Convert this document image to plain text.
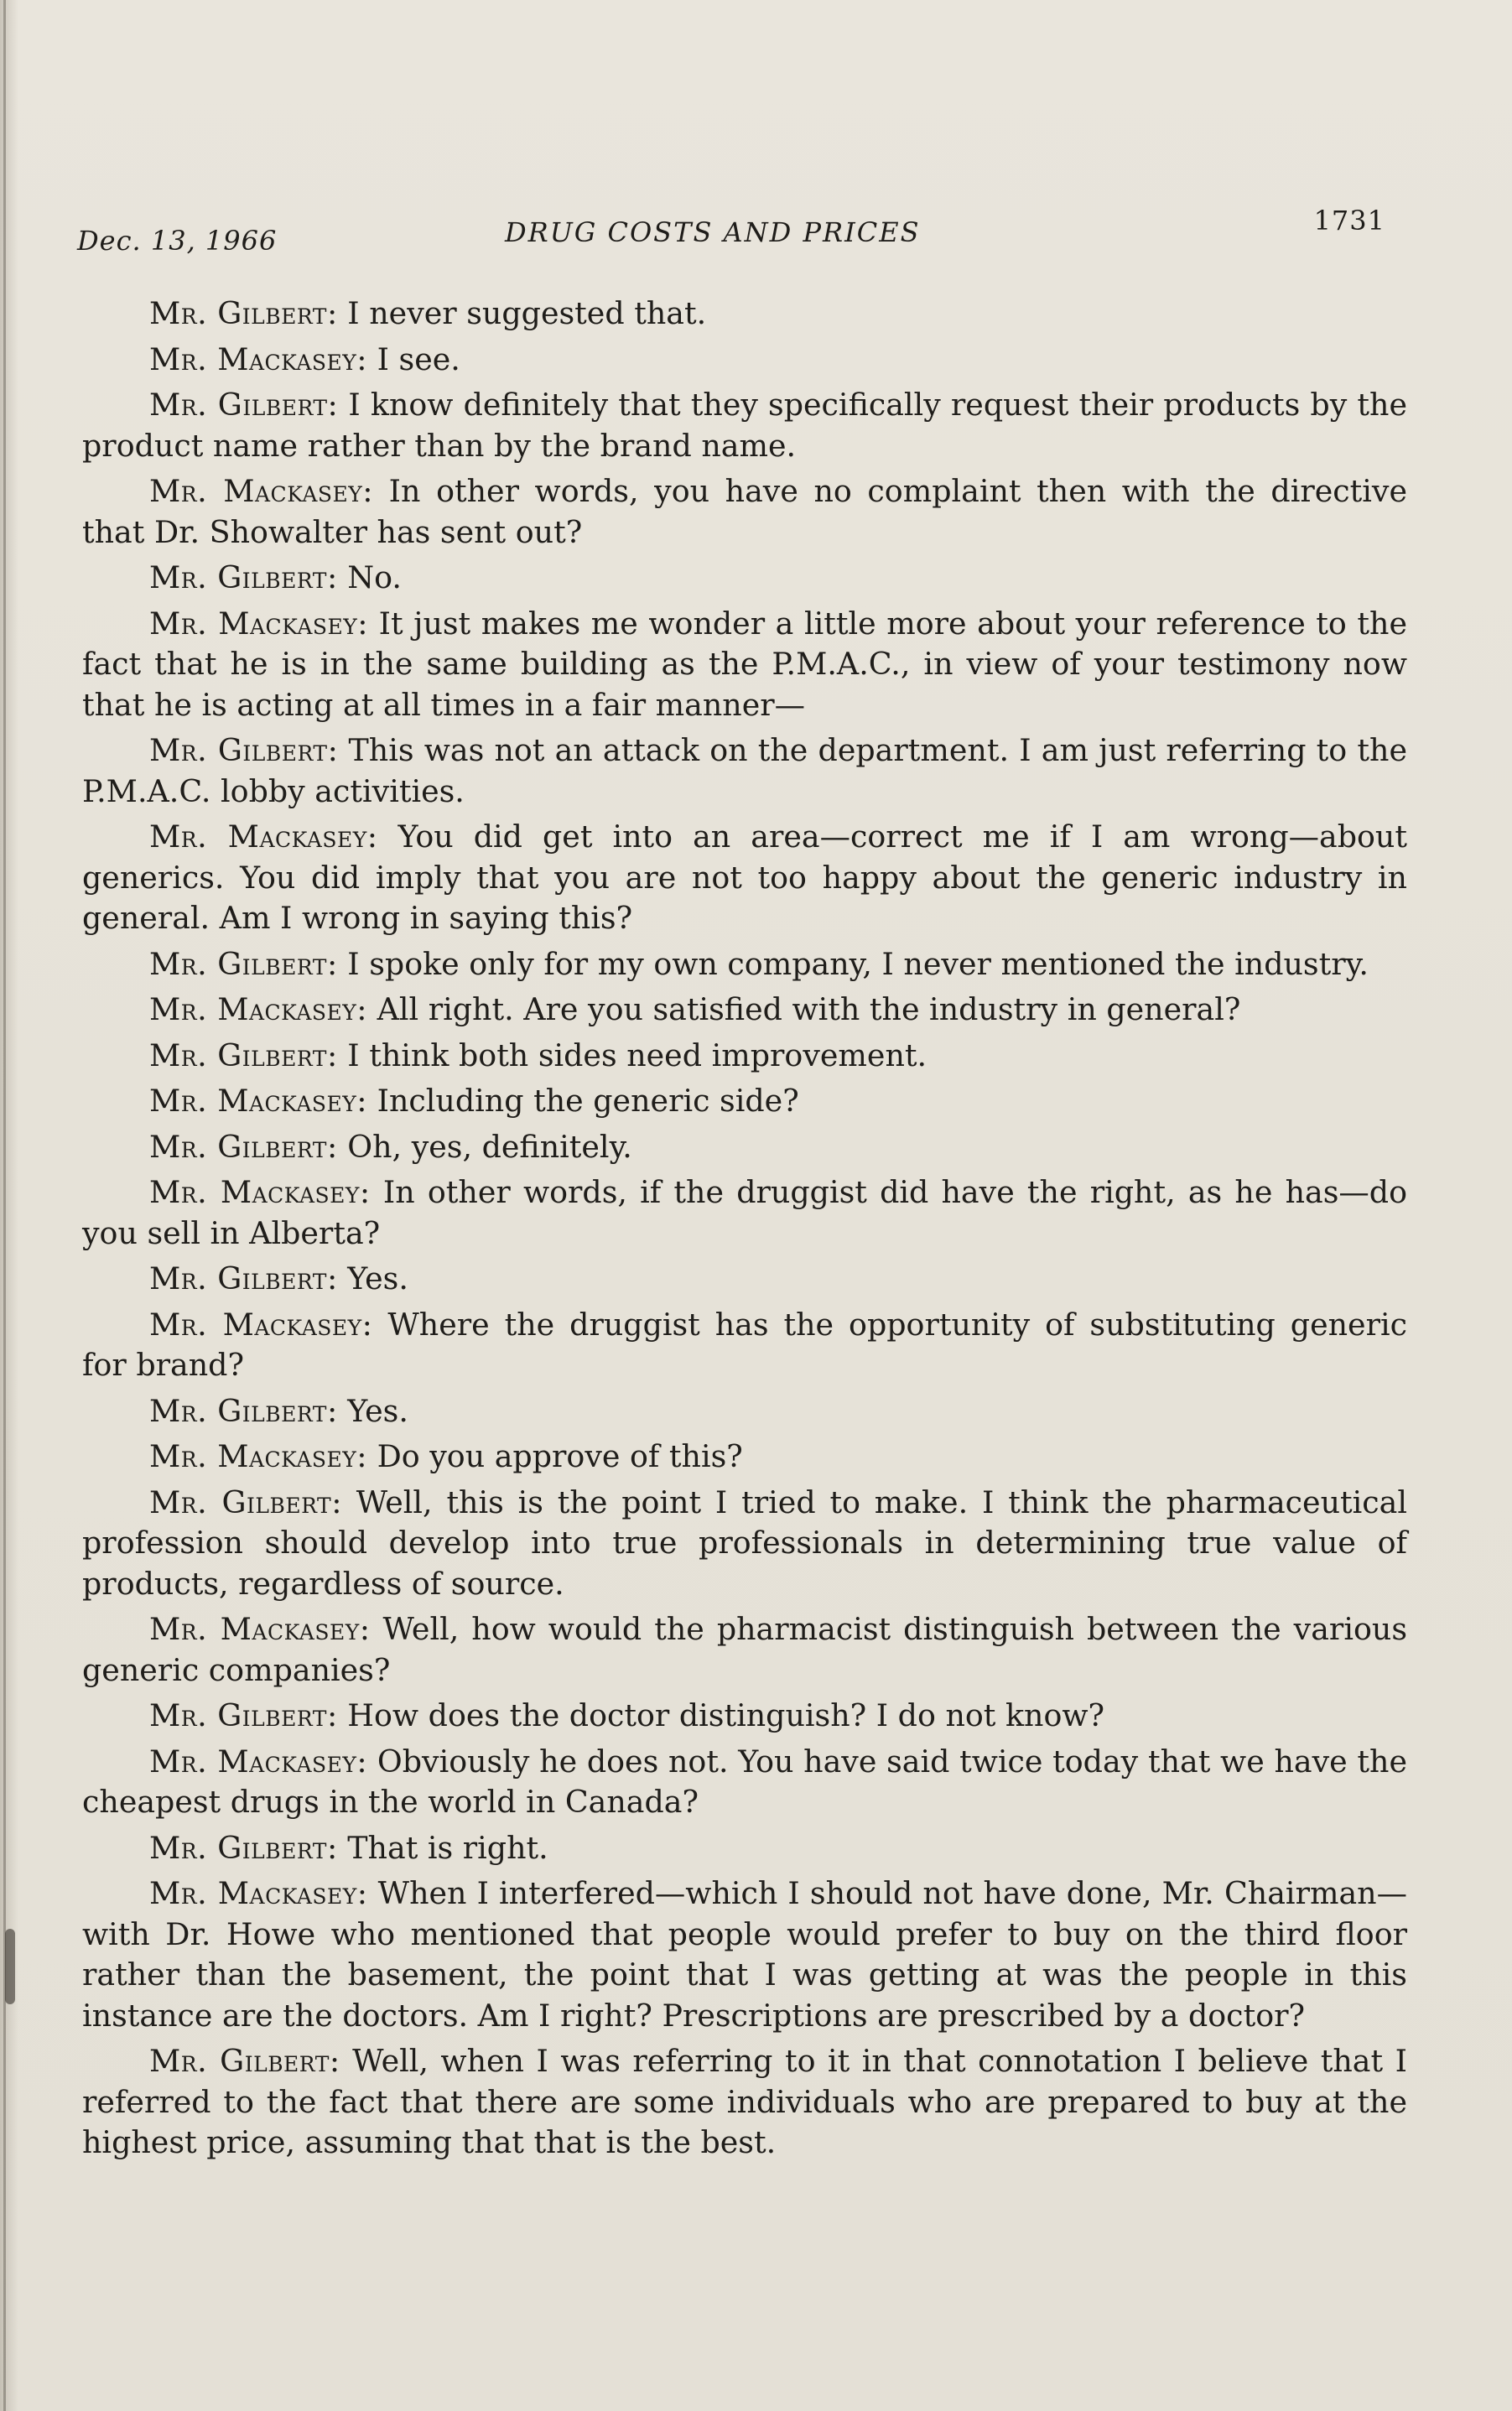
Dec. 13, 1966	DRUG COSTS AND PRICES	1731

Mr. Gilbert: I never suggested that.

Mr. Mackasey: I see.

Mr. Gilbert: I know definitely that they specifically request their products by the product name rather than by the brand name.

Mr. Mackasey: In other words, you have no complaint then with the directive that Dr. Showalter has sent out?

Mr. Gilbert: No.

Mr. Mackasey: It just makes me wonder a little more about your reference to the fact that he is in the same building as the P.M.A.C., in view of your testimony now that he is acting at all times in a fair manner—

Mr. Gilbert: This was not an attack on the department. I am just referring to the P.M.A.C. lobby activities.

Mr. Mackasey: You did get into an area—correct me if I am wrong—about generics. You did imply that you are not too happy about the generic industry in general. Am I wrong in saying this?

Mr. Gilbert: I spoke only for my own company, I never mentioned the industry.

Mr. Mackasey: All right. Are you satisfied with the industry in general?

Mr. Gilbert: I think both sides need improvement.

Mr. Mackasey: Including the generic side?

Mr. Gilbert: Oh, yes, definitely.

Mr. Mackasey: In other words, if the druggist did have the right, as he has—do you sell in Alberta?

Mr. Gilbert: Yes.

Mr. Mackasey: Where the druggist has the opportunity of substituting generic for brand?

Mr. Gilbert: Yes.

Mr. Mackasey: Do you approve of this?

Mr. Gilbert: Well, this is the point I tried to make. I think the pharmaceutical profession should develop into true professionals in determining true value of products, regardless of source.

Mr. Mackasey: Well, how would the pharmacist distinguish between the various generic companies?

Mr. Gilbert: How does the doctor distinguish? I do not know?

Mr. Mackasey: Obviously he does not. You have said twice today that we have the cheapest drugs in the world in Canada?

Mr. Gilbert: That is right.

Mr. Mackasey: When I interfered—which I should not have done, Mr. Chairman—with Dr. Howe who mentioned that people would prefer to buy on the third floor rather than the basement, the point that I was getting at was the people in this instance are the doctors. Am I right? Prescriptions are prescribed by a doctor?

Mr. Gilbert: Well, when I was referring to it in that connotation I believe that I referred to the fact that there are some individuals who are prepared to buy at the highest price, assuming that that is the best.
